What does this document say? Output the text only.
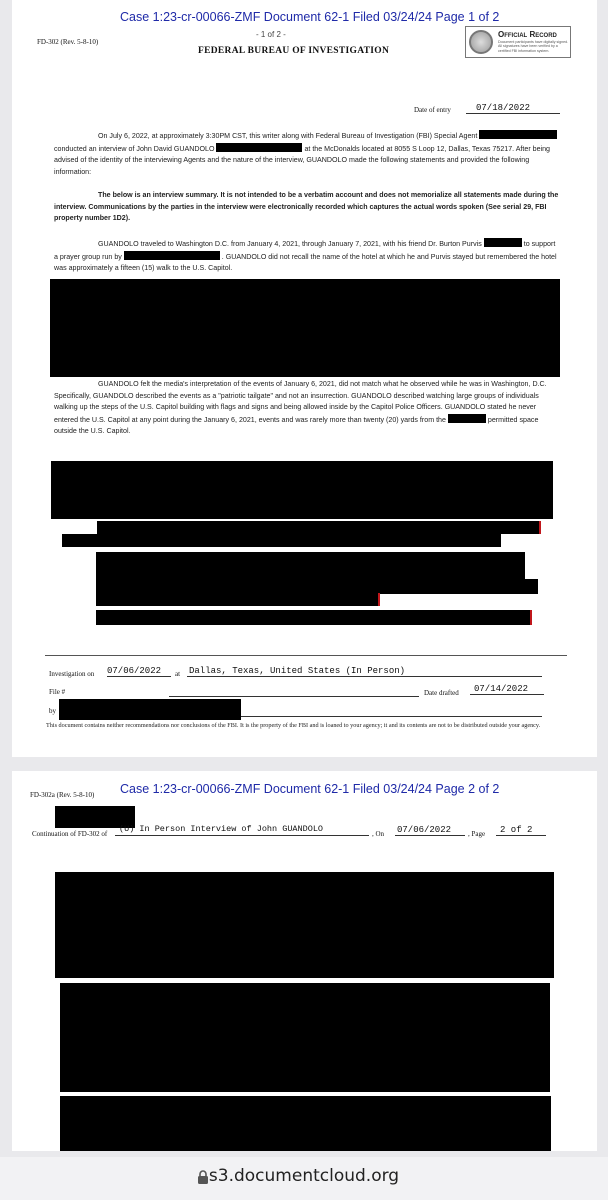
Case 1:23-cr-00066-ZMF Document 62-1 Filed 03/24/24 Page 1 of 2
FD-302 (Rev. 5-8-10)
- 1 of 2 -
FEDERAL BUREAU OF INVESTIGATION
Official Record
Document participants have digitally signed. All signatures have been verified by a certified FBI information system.
Date of entry	07/18/2022
On July 6, 2022, at approximately 3:30PM CST, this writer along with Federal Bureau of Investigation (FBI) Special Agent  conducted an interview of John David GUANDOLO	at the McDonalds located at 8055 S Loop 12, Dallas, Texas 75217. After being advised of the identity of the interviewing Agents and the nature of the interview, GUANDOLO made the following statements and provided the following information:
The below is an interview summary. It is not intended to be a verbatim account and does not memorialize all statements made during the interview. Communications by the parties in the interview were electronically recorded which captures the actual words spoken (See serial 29, FBI property number 1D2).
GUANDOLO traveled to Washington D.C. from January 4, 2021, through January 7, 2021, with his friend Dr. Burton Purvis	to support a prayer group run by	. GUANDOLO did not recall the name of the hotel at which he and Purvis stayed but remembered the hotel was approximately a fifteen (15) walk to the U.S. Capitol.
GUANDOLO felt the media's interpretation of the events of January 6, 2021, did not match what he observed while he was in Washington, D.C. Specifically, GUANDOLO described the events as a "patriotic tailgate" and not an insurrection. GUANDOLO described watching large groups of individuals walking up the steps of the U.S. Capitol building with flags and signs and being allowed inside by the Capitol Police Officers. GUANDOLO stated he never entered the U.S. Capitol at any point during the January 6, 2021, events and was rarely more than twenty (20) yards from the	permitted space outside the U.S. Capitol.
Investigation on 07/06/2022	at Dallas, Texas, United States (In Person)
File #	Date drafted	07/14/2022
by
This document contains neither recommendations nor conclusions of the FBI. It is the property of the FBI and is loaned to your agency; it and its contents are not to be distributed outside your agency.
Case 1:23-cr-00066-ZMF Document 62-1 Filed 03/24/24 Page 2 of 2
FD-302a (Rev. 5-8-10)
Continuation of FD-302 of	(U) In Person Interview of John GUANDOLO	, On 07/06/2022	, Page	2 of 2
s3.documentcloud.org
